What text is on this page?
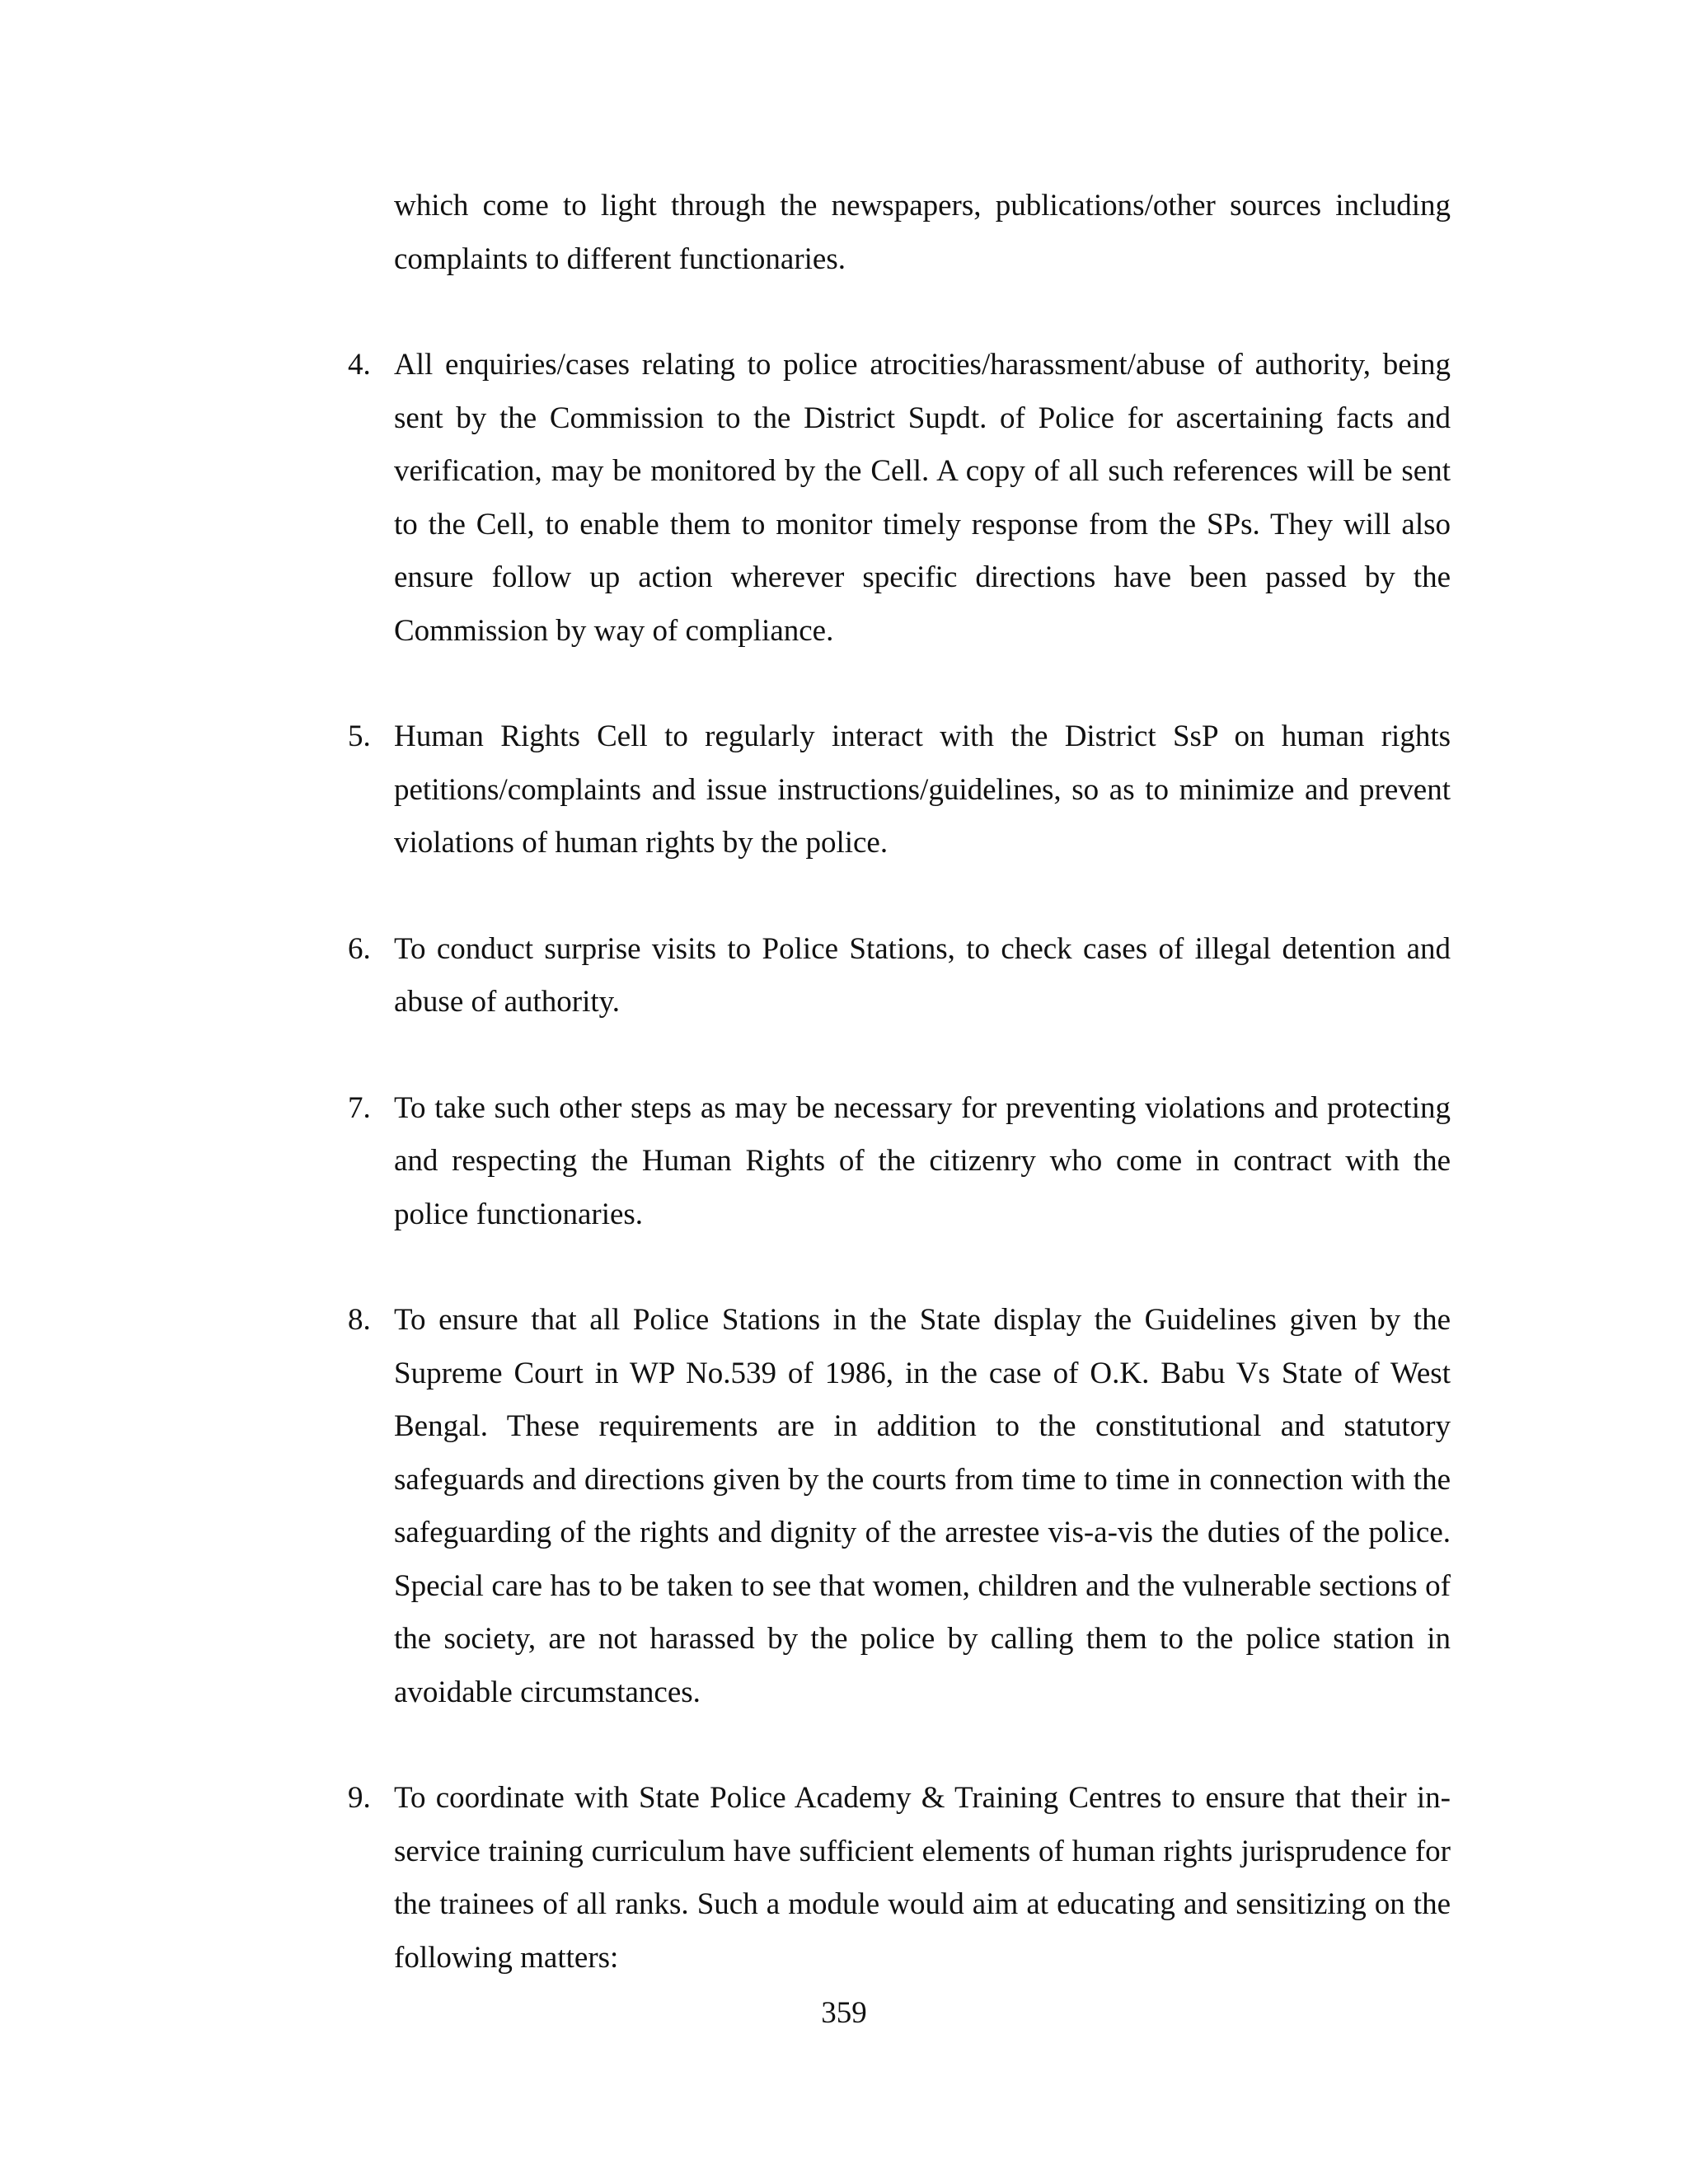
which come to light through the newspapers, publications/other sources including complaints to different functionaries.
4. All enquiries/cases relating to police atrocities/harassment/abuse of authority, being sent by the Commission to the District Supdt. of Police for ascertaining facts and verification, may be monitored by the Cell. A copy of all such references will be sent to the Cell, to enable them to monitor timely response from the SPs. They will also ensure follow up action wherever specific directions have been passed by the Commission by way of compliance.
5. Human Rights Cell to regularly interact with the District SsP on human rights petitions/complaints and issue instructions/guidelines, so as to minimize and prevent violations of human rights by the police.
6. To conduct surprise visits to Police Stations, to check cases of illegal detention and abuse of authority.
7. To take such other steps as may be necessary for preventing violations and protecting and respecting the Human Rights of the citizenry who come in contract with the police functionaries.
8. To ensure that all Police Stations in the State display the Guidelines given by the Supreme Court in WP No.539 of 1986, in the case of O.K. Babu Vs State of West Bengal. These requirements are in addition to the constitutional and statutory safeguards and directions given by the courts from time to time in connection with the safeguarding of the rights and dignity of the arrestee vis-a-vis the duties of the police. Special care has to be taken to see that women, children and the vulnerable sections of the society, are not harassed by the police by calling them to the police station in avoidable circumstances.
9. To coordinate with State Police Academy & Training Centres to ensure that their in-service training curriculum have sufficient elements of human rights jurisprudence for the trainees of all ranks. Such a module would aim at educating and sensitizing on the following matters:
359
